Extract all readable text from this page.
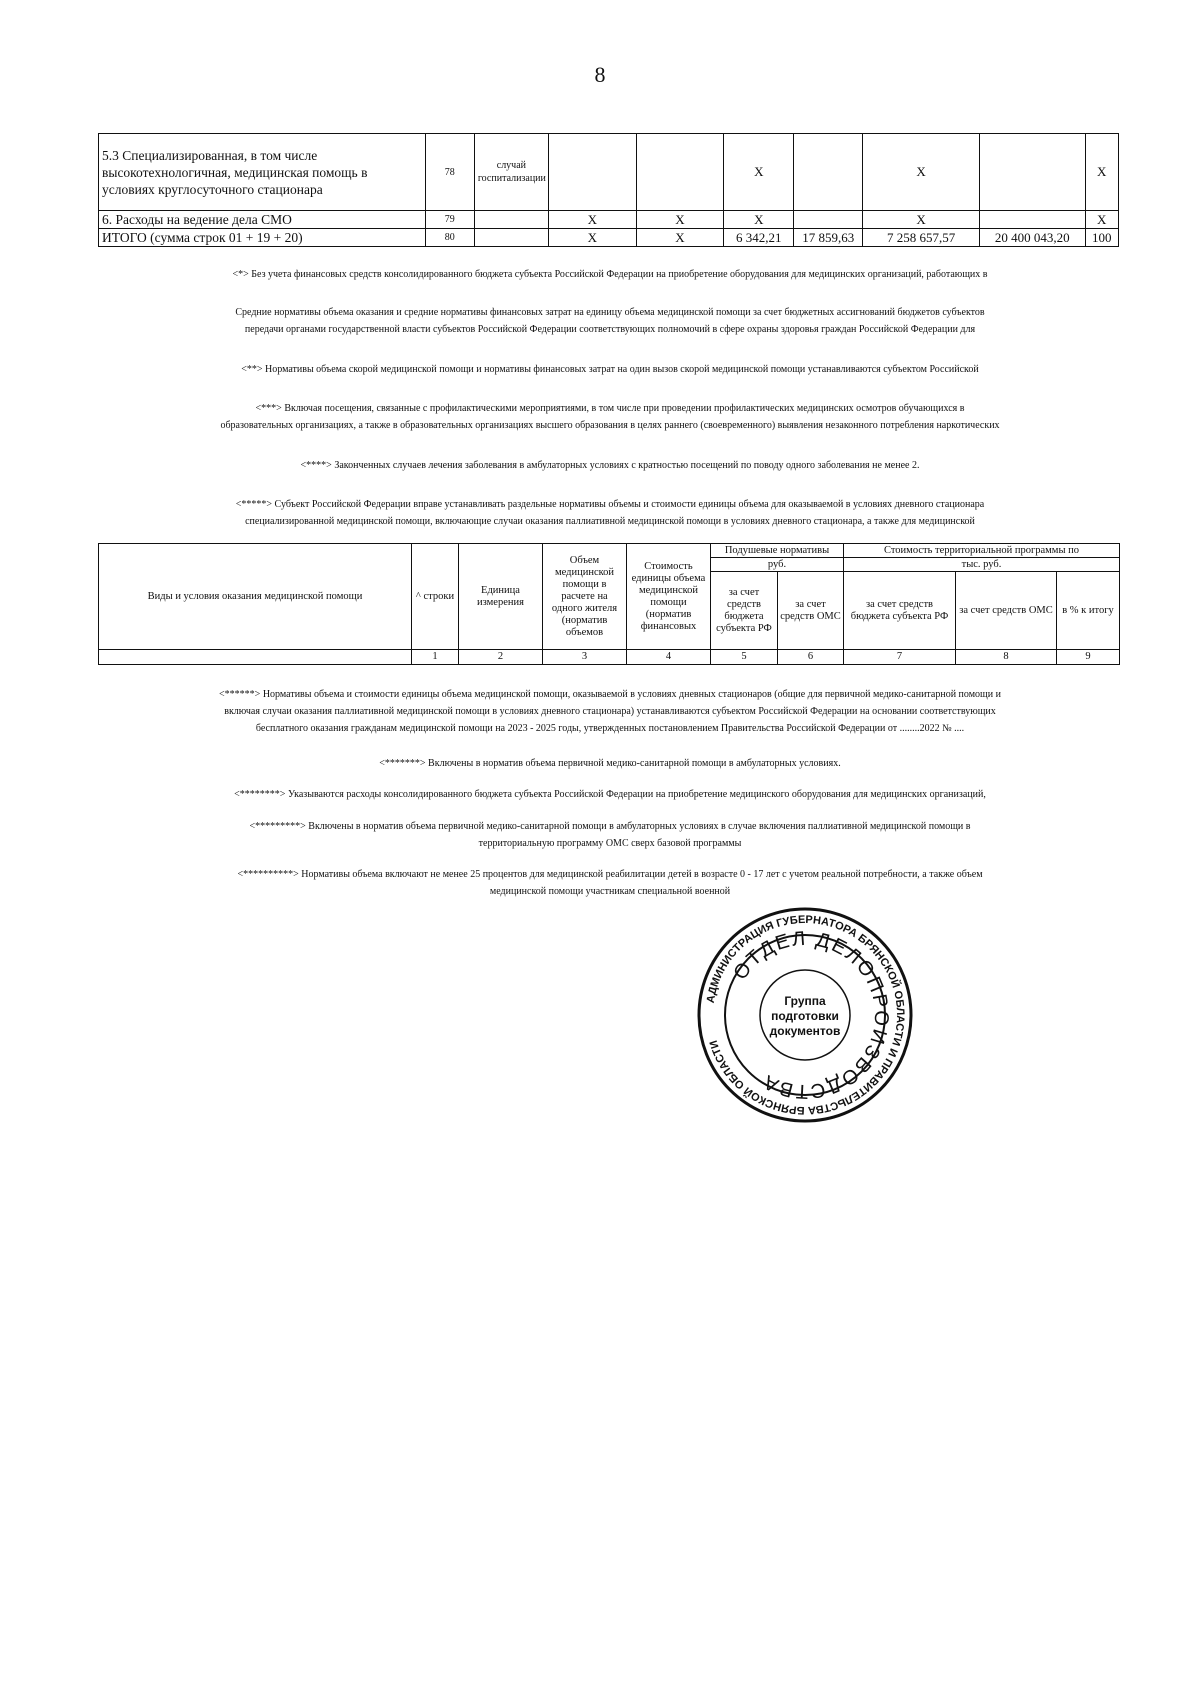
8
5.3 Специализированная, в том числе высокотехнологичная, медицинская помощь в условиях круглосуточного стационара	78	случай госпитализации			X		X		X
6. Расходы на ведение дела СМО	79		X	X	X		X		X
ИТОГО (сумма строк 01 + 19 + 20)	80		X	X	6 342,21	17 859,63	7 258 657,57	20 400 043,20	100
<*> Без учета финансовых средств консолидированного бюджета субъекта Российской Федерации на приобретение оборудования для медицинских организаций, работающих в
Средние нормативы объема оказания и средние нормативы финансовых затрат на единицу объема медицинской помощи за счет бюджетных ассигнований бюджетов субъектов
передачи органами государственной власти субъектов Российской Федерации соответствующих полномочий в сфере охраны здоровья граждан Российской Федерации для
<**> Нормативы объема скорой медицинской помощи и нормативы финансовых затрат на один вызов скорой медицинской помощи устанавливаются субъектом Российской
<***> Включая посещения, связанные с профилактическими мероприятиями, в том числе при проведении профилактических медицинских осмотров обучающихся в
образовательных организациях, а также в образовательных организациях высшего образования в целях раннего (своевременного) выявления незаконного потребления наркотических
<****> Законченных случаев лечения заболевания в амбулаторных условиях с кратностью посещений по поводу одного заболевания не менее 2.
<*****> Субъект Российской Федерации вправе устанавливать раздельные нормативы объемы и стоимости единицы объема для оказываемой в условиях дневного стационара
специализированной медицинской помощи, включающие случаи оказания паллиативной медицинской помощи в условиях дневного стационара, а также для медицинской
Виды и условия оказания медицинской помощи	^ строки	Единица измерения	Объем медицинской помощи в расчете на одного жителя (норматив объемов	Стоимость единицы объема медицинской помощи (норматив финансовых	Подушевые нормативы		Стоимость территориальной программы по		
					руб.		тыс. руб.		
					за счет средств бюджета субъекта РФ	за счет средств ОМС	за счет средств бюджета субъекта РФ	за счет средств ОМС	в % к итогу
	1	2	3	4	5	6	7	8	9
<******> Нормативы объема и стоимости единицы объема медицинской помощи, оказываемой в условиях дневных стационаров (общие для первичной медико-санитарной помощи и
включая случаи оказания паллиативной медицинской помощи в условиях дневного стационара) устанавливаются субъектом Российской Федерации на основании соответствующих
бесплатного оказания гражданам медицинской помощи на 2023 - 2025 годы, утвержденных постановлением Правительства Российской Федерации от ........2022 № ....
<*******> Включены в норматив объема первичной медико-санитарной помощи в амбулаторных условиях.
<********> Указываются расходы консолидированного бюджета субъекта Российской Федерации на приобретение медицинского оборудования для медицинских организаций,
<*********> Включены в норматив объема первичной медико-санитарной помощи в амбулаторных условиях в случае включения паллиативной медицинской помощи в
территориальную программу ОМС сверх базовой программы
<**********> Нормативы объема включают не менее 25 процентов для медицинской реабилитации детей в возрасте 0 - 17 лет с учетом реальной потребности, а также объем
медицинской помощи участникам специальной военной
АДМИНИСТРАЦИЯ ГУБЕРНАТОРА БРЯНСКОЙ ОБЛАСТИ И ПРАВИТЕЛЬСТВА БРЯНСКОЙ ОБЛАСТИ
ОТДЕЛ ДЕЛОПРОИЗВОДСТВА
Группа
подготовки
документов
